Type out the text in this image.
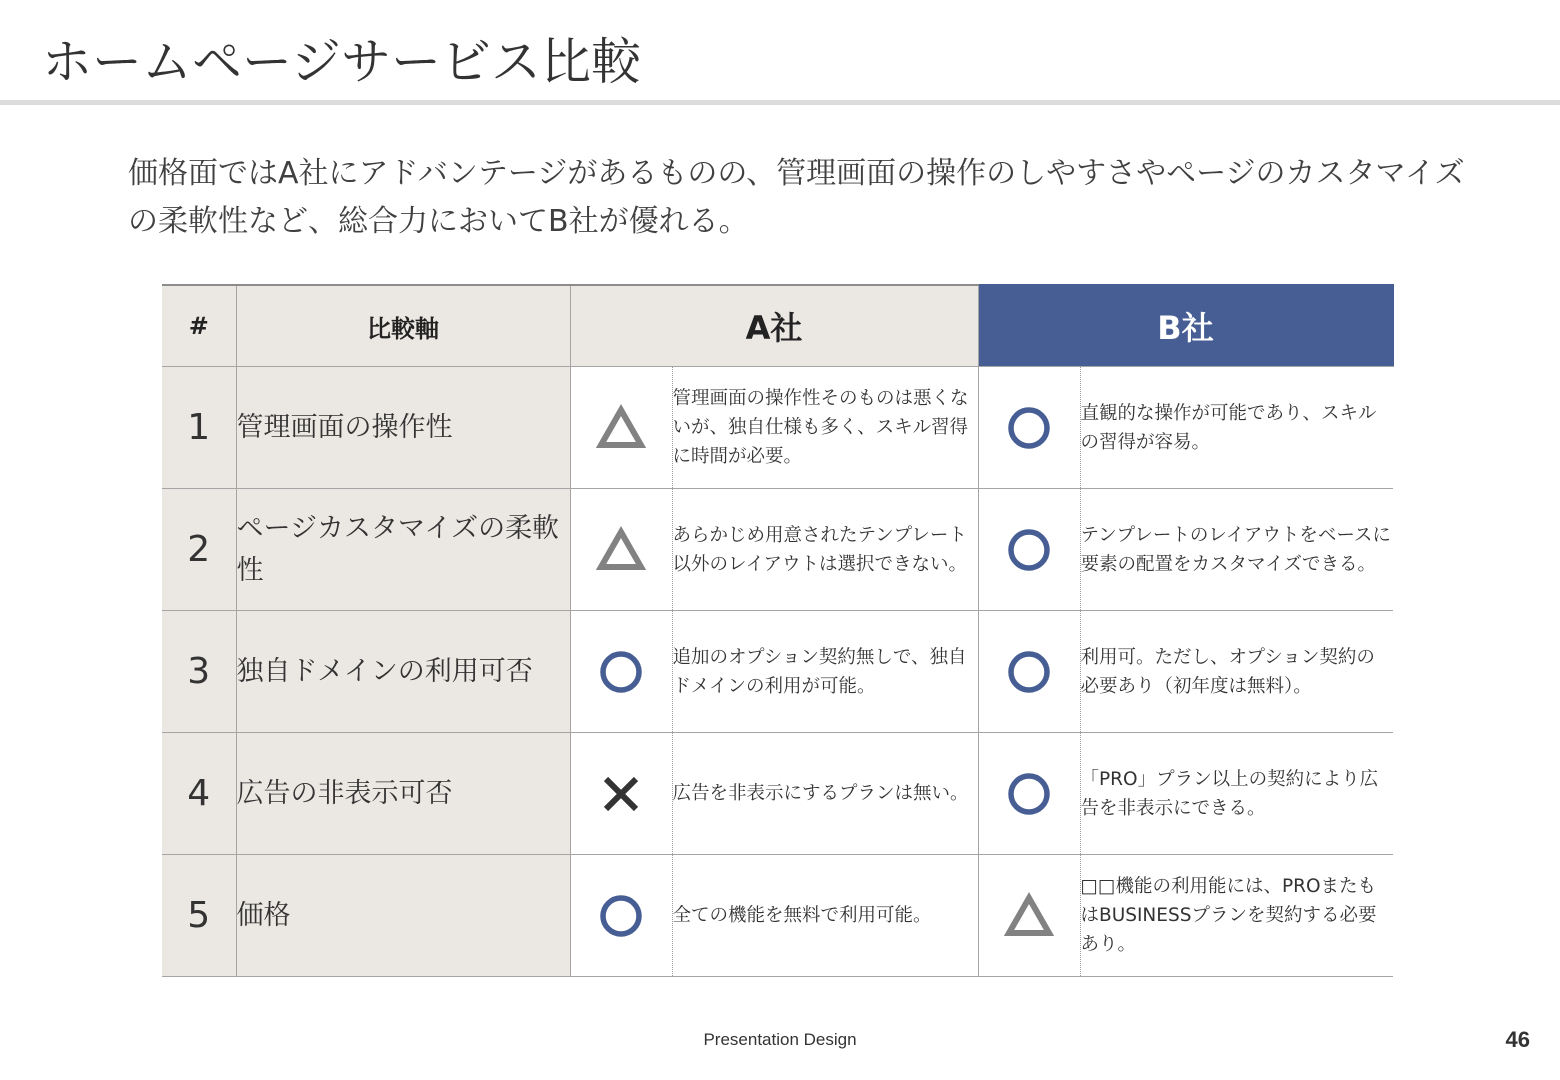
ホームページサービス比較
価格面ではA社にアドバンテージがあるものの、管理画面の操作のしやすさやページのカスタマイズの柔軟性など、総合力においてB社が優れる。
#	比較軸	A社		B社	
1	管理画面の操作性		管理画面の操作性そのものは悪くないが、独自仕様も多く、スキル習得に時間が必要。		直観的な操作が可能であり、スキルの習得が容易。
2	ページカスタマイズの柔軟性		あらかじめ用意されたテンプレート以外のレイアウトは選択できない。		テンプレートのレイアウトをベースに要素の配置をカスタマイズできる。
3	独自ドメインの利用可否		追加のオプション契約無しで、独自ドメインの利用が可能。		利用可。ただし、オプション契約の必要あり（初年度は無料）。
4	広告の非表示可否		広告を非表示にするプランは無い。		「PRO」プラン以上の契約により広告を非表示にできる。
5	価格		全ての機能を無料で利用可能。		□□機能の利用能には、PROまたもはBUSINESSプランを契約する必要あり。
Presentation Design	46
